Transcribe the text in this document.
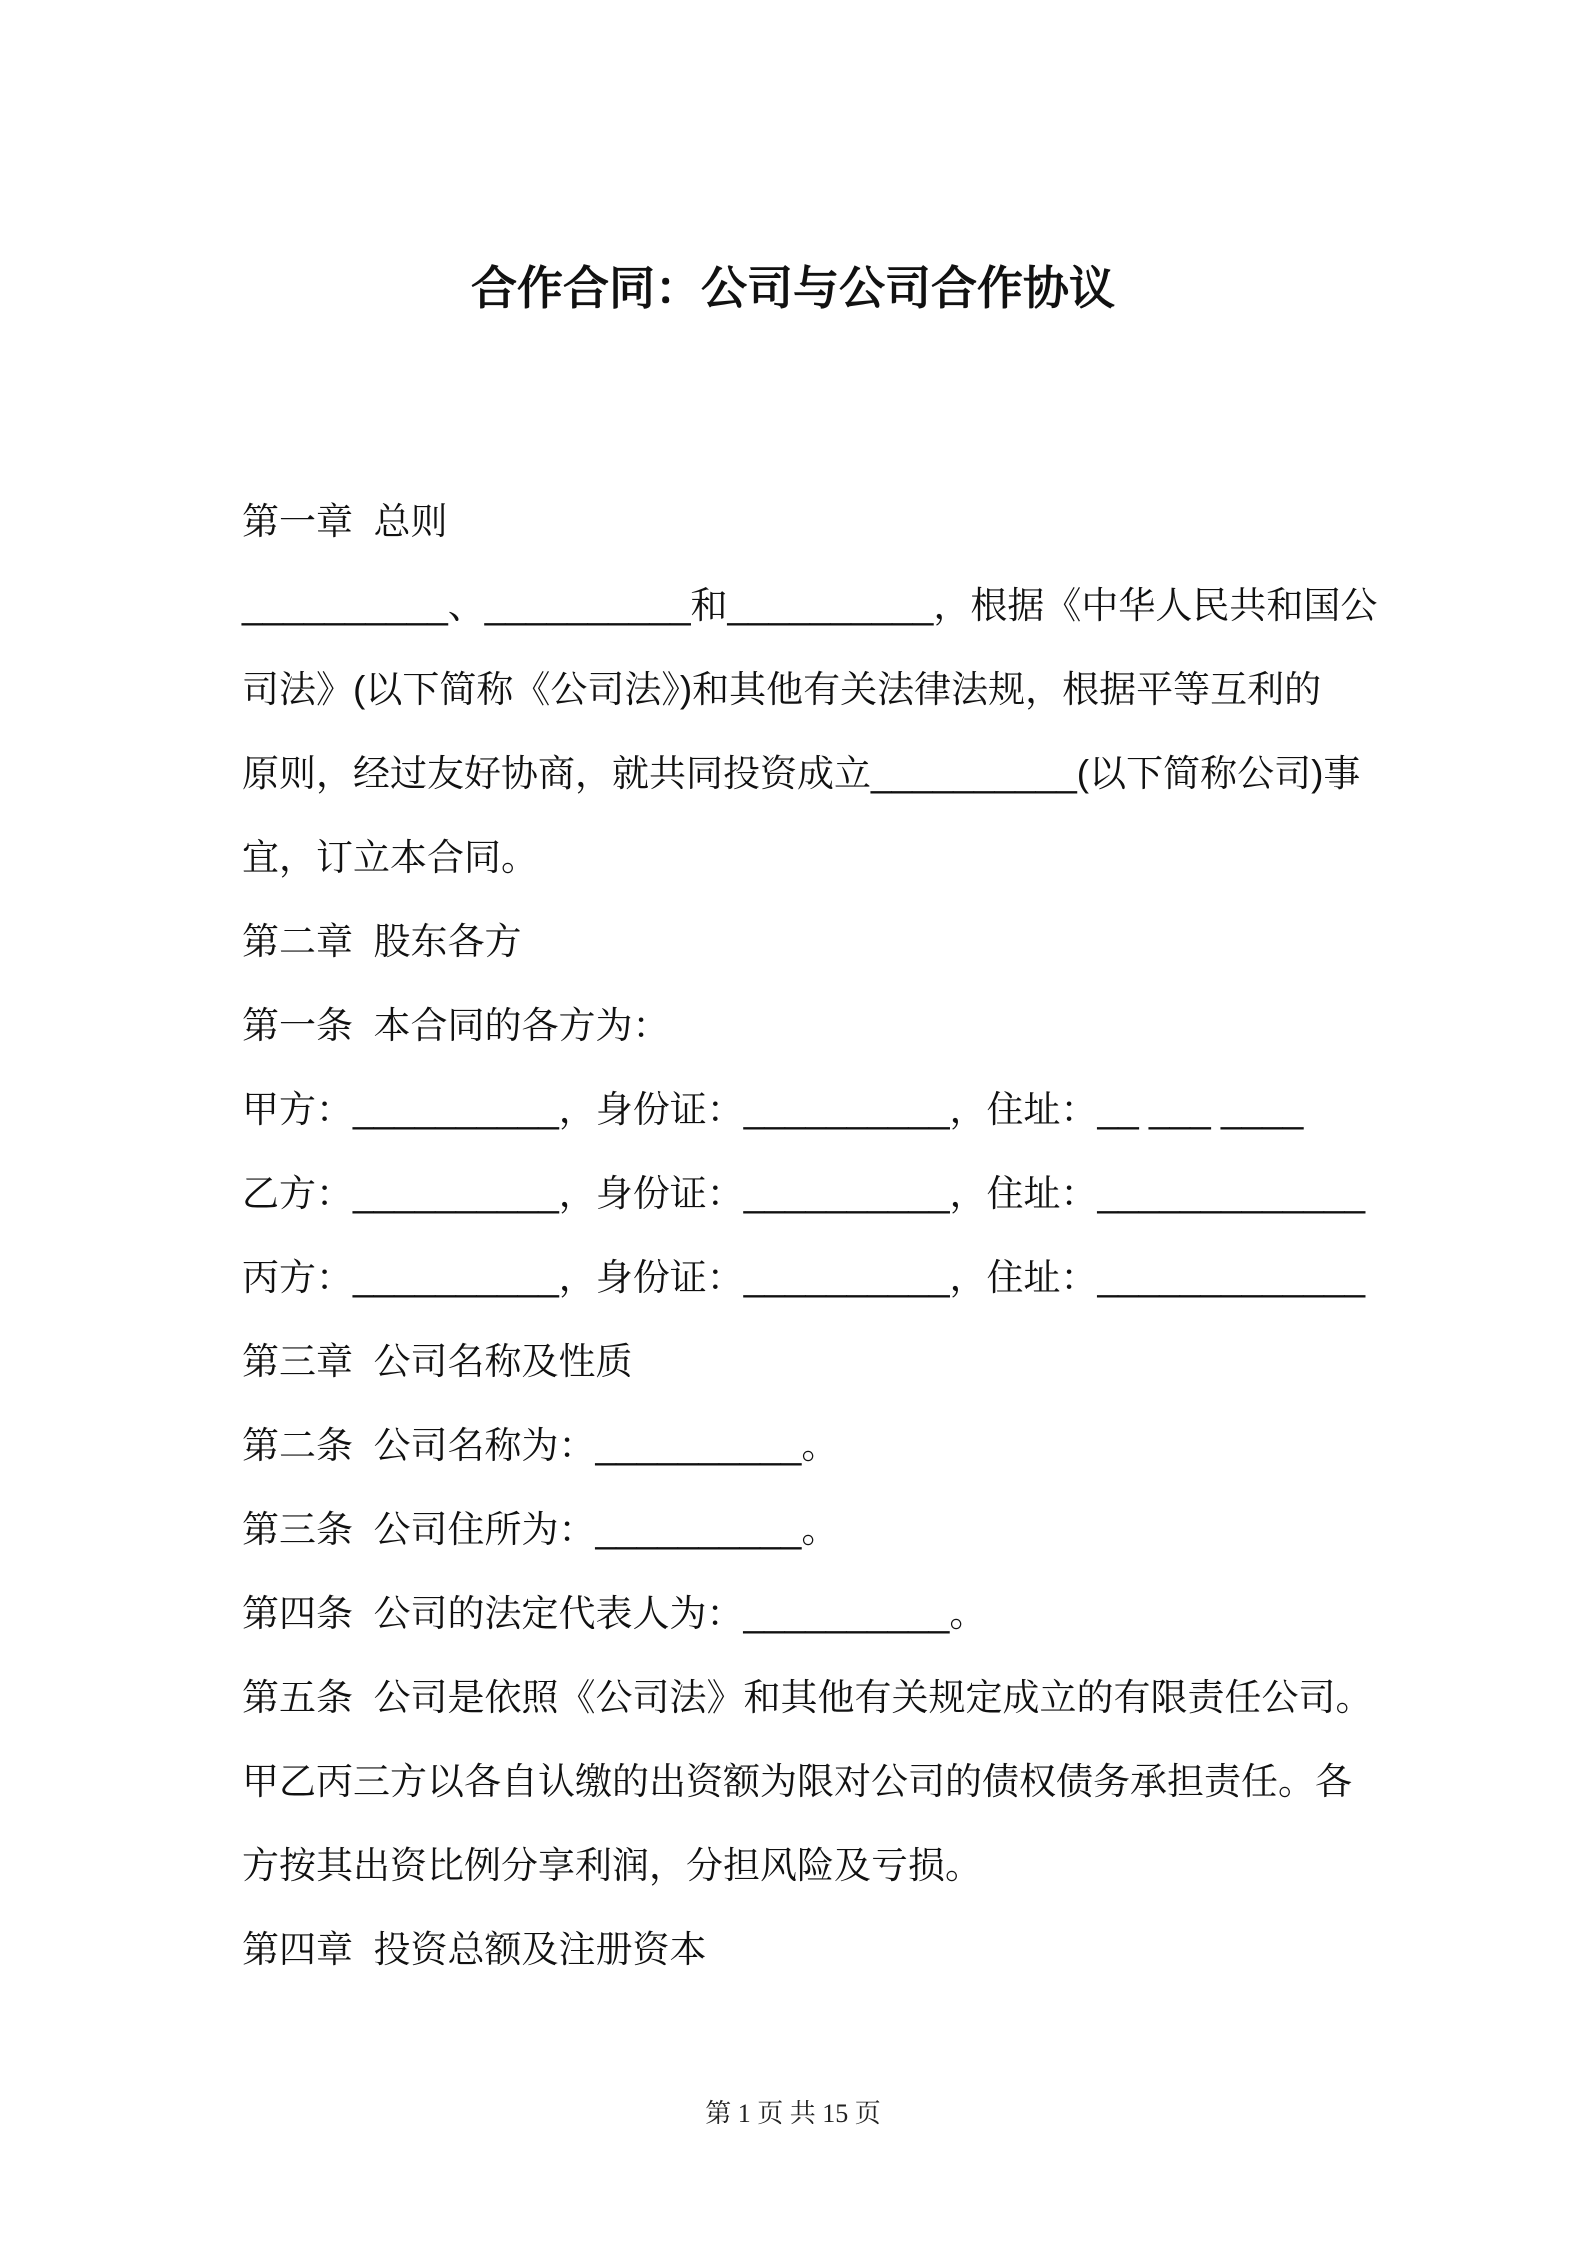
合作合同：公司与公司合作协议
第一章  总则
__________、__________和__________，根据《中华人民共和国公
司法》(以下简称《公司法》)和其他有关法律法规，根据平等互利的
原则，经过友好协商，就共同投资成立__________(以下简称公司)事
宜，订立本合同。
第二章  股东各方
第一条  本合同的各方为：
甲方：__________，身份证：__________，住址：__ ___ ____
乙方：__________，身份证：__________，住址：_____________
丙方：__________，身份证：__________，住址：_____________
第三章  公司名称及性质
第二条  公司名称为：__________。
第三条  公司住所为：__________。
第四条  公司的法定代表人为：__________。
第五条  公司是依照《公司法》和其他有关规定成立的有限责任公司。
甲乙丙三方以各自认缴的出资额为限对公司的债权债务承担责任。各
方按其出资比例分享利润，分担风险及亏损。
第四章  投资总额及注册资本
第 1 页 共 15 页
